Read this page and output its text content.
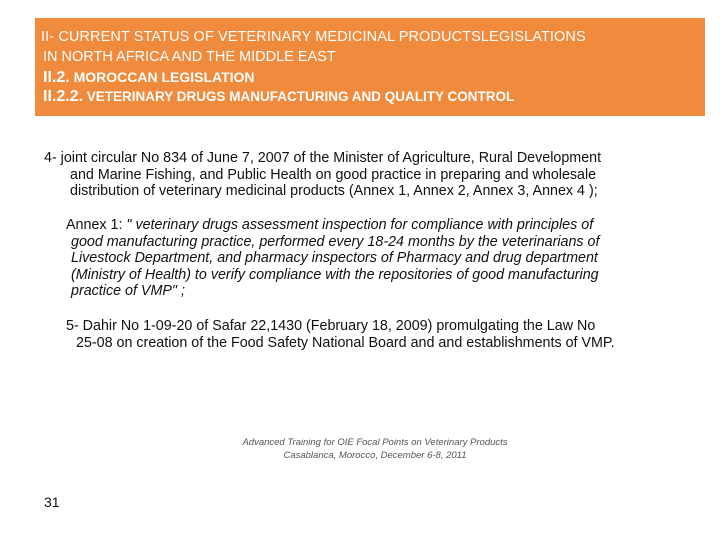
II- CURRENT STATUS OF VETERINARY MEDICINAL PRODUCTSLEGISLATIONS
IN NORTH AFRICA AND THE MIDDLE EAST
II.2. MOROCCAN LEGISLATION
II.2.2. VETERINARY DRUGS MANUFACTURING AND QUALITY CONTROL
4- joint circular No 834 of June 7, 2007 of the Minister of Agriculture, Rural Development
and Marine Fishing, and Public Health on good practice in preparing and wholesale
distribution of veterinary medicinal products (Annex 1, Annex 2, Annex 3, Annex 4 );
Annex 1: " veterinary drugs assessment inspection for compliance with principles of
good manufacturing practice, performed every 18-24 months by the veterinarians of
Livestock Department, and pharmacy inspectors of Pharmacy and drug department
(Ministry of Health) to verify compliance with the repositories of good manufacturing
practice of VMP" ;
5- Dahir No 1-09-20 of Safar 22,1430 (February 18, 2009) promulgating the Law No
25-08 on creation of the Food Safety National Board and and establishments of VMP.
Advanced Training for OIE Focal Points on Veterinary Products
Casablanca, Morocco, December 6-8, 2011
31
